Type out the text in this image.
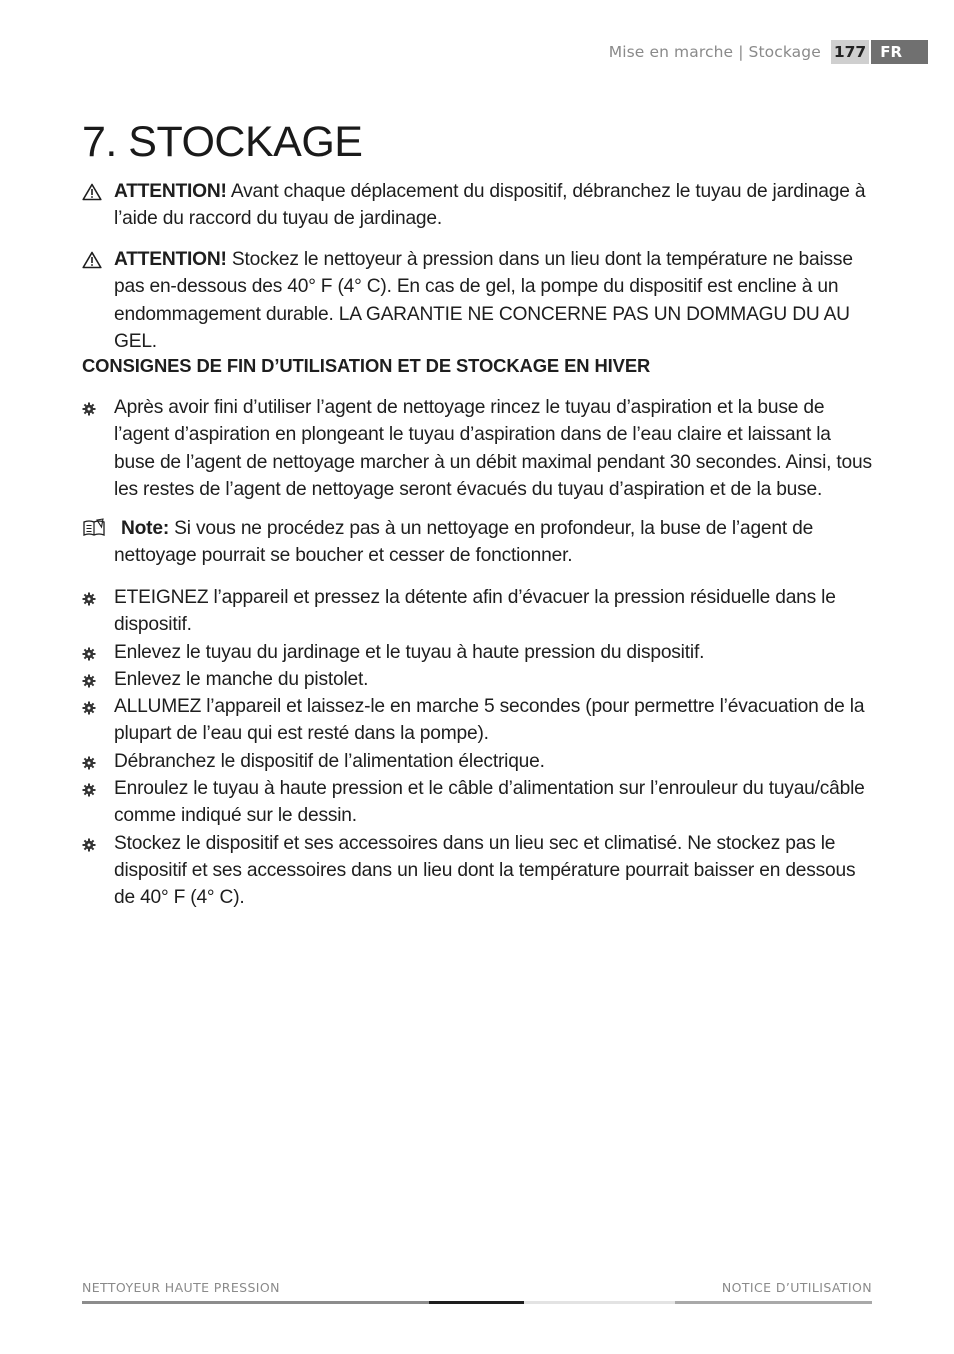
Mise en marche | Stockage 177 FR
7. STOCKAGE
ATTENTION! Avant chaque déplacement du dispositif, débranchez le tuyau de jardinage à l’aide du raccord du tuyau de jardinage.
ATTENTION! Stockez le nettoyeur à pression dans un lieu dont la température ne baisse pas en-dessous des 40° F (4° C). En cas de gel, la pompe du dispositif est encline à un endommagement durable. LA GARANTIE NE CONCERNE PAS UN DOMMAGU DU AU GEL.
CONSIGNES DE FIN D’UTILISATION ET DE STOCKAGE EN HIVER
Après avoir fini d’utiliser l’agent de nettoyage rincez le tuyau d’aspiration et la buse de l’agent d’aspiration en plongeant le tuyau d’aspiration dans de l’eau claire et laissant la buse de l’agent de nettoyage marcher à un débit maximal pendant 30 secondes. Ainsi, tous les restes de l’agent de nettoyage seront évacués du tuyau d’aspiration et de la buse.
Note: Si vous ne procédez pas à un nettoyage en profondeur, la buse de l’agent de nettoyage pourrait se boucher et cesser de fonctionner.
ETEIGNEZ l’appareil et pressez la détente afin d’évacuer la pression résiduelle dans le dispositif.
Enlevez le tuyau du jardinage et le tuyau à haute pression du dispositif.
Enlevez le manche du pistolet.
ALLUMEZ l’appareil et laissez-le en marche 5 secondes (pour permettre l’évacuation de la plupart de l’eau qui est resté dans la pompe).
Débranchez le dispositif de l’alimentation électrique.
Enroulez le tuyau à haute pression et le câble d’alimentation sur l’enrouleur du tuyau/câble comme indiqué sur le dessin.
Stockez le dispositif et ses accessoires dans un lieu sec et climatisé. Ne stockez pas le dispositif et ses accessoires dans un lieu dont la température pourrait baisser en dessous de 40° F (4° C).
NETTOYEUR HAUTE PRESSION	NOTICE D’UTILISATION
